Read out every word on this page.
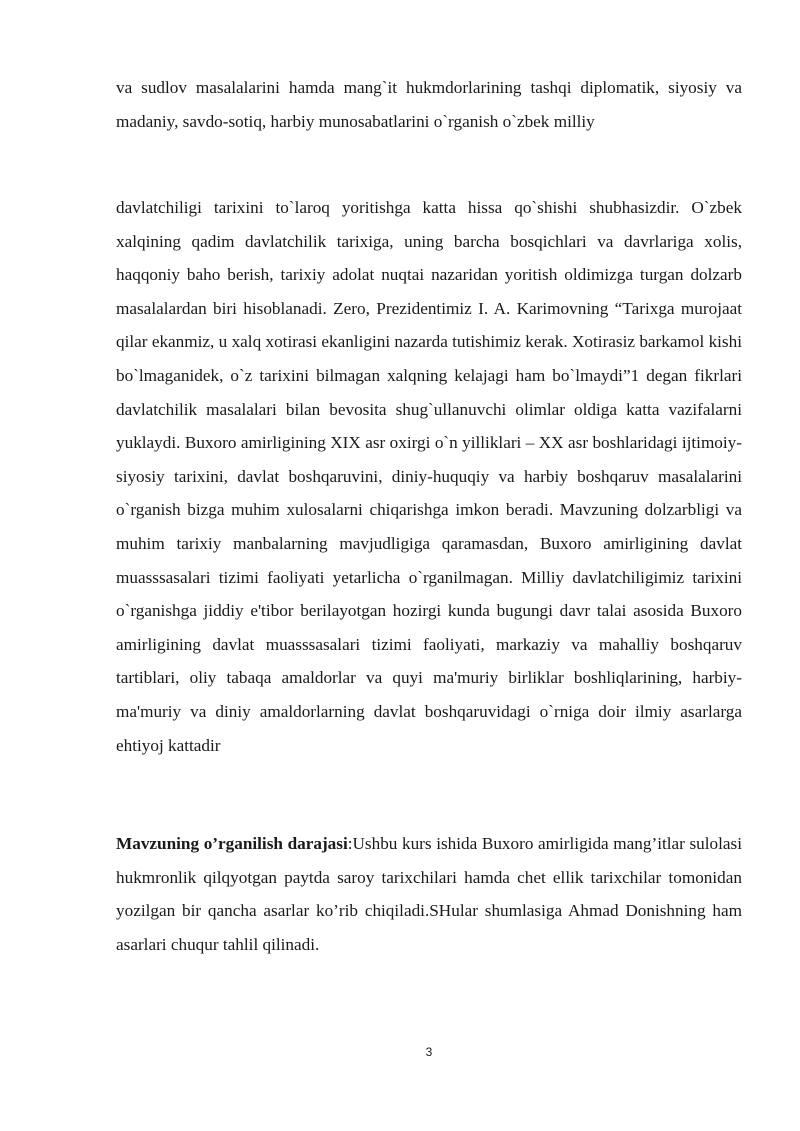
va sudlov masalalarini hamda mang`it hukmdorlarining tashqi diplomatik, siyosiy va madaniy, savdo-sotiq, harbiy munosabatlarini o`rganish o`zbek milliy

davlatchiligi tarixini to`laroq yoritishga katta hissa qo`shishi shubhasizdir. O`zbek xalqining qadim davlatchilik tarixiga, uning barcha bosqichlari va davrlariga xolis, haqqoniy baho berish, tarixiy adolat nuqtai nazaridan yoritish oldimizga turgan dolzarb masalalardan biri hisoblanadi. Zero, Prezidentimiz I. A. Karimovning “Tarixga murojaat qilar ekanmiz, u xalq xotirasi ekanligini nazarda tutishimiz kerak. Xotirasiz barkamol kishi bo`lmaganidek, o`z tarixini bilmagan xalqning kelajagi ham bo`lmaydi”1 degan fikrlari davlatchilik masalalari bilan bevosita shug`ullanuvchi olimlar oldiga katta vazifalarni yuklaydi. Buxoro amirligining XIX asr oxirgi o`n yilliklari – XX asr boshlaridagi ijtimoiy-siyosiy tarixini, davlat boshqaruvini, diniy-huquqiy va harbiy boshqaruv masalalarini o`rganish bizga muhim xulosalarni chiqarishga imkon beradi. Mavzuning dolzarbligi va muhim tarixiy manbalarning mavjudligiga qaramasdan, Buxoro amirligining davlat muasssasalari tizimi faoliyati yetarlicha o`rganilmagan. Milliy davlatchiligimiz tarixini o`rganishga jiddiy e'tibor berilayotgan hozirgi kunda bugungi davr talai asosida Buxoro amirligining davlat muasssasalari tizimi faoliyati, markaziy va mahalliy boshqaruv tartiblari, oliy tabaqa amaldorlar va quyi ma'muriy birliklar boshliqlarining, harbiy-ma'muriy va diniy amaldorlarning davlat boshqaruvidagi o`rniga doir ilmiy asarlarga ehtiyoj kattadir

Mavzuning o’rganilish darajasi:Ushbu kurs ishida Buxoro amirligida mang’itlar sulolasi hukmronlik qilqyotgan paytda saroy tarixchilari hamda chet ellik tarixchilar tomonidan yozilgan bir qancha asarlar ko’rib chiqiladi.SHular shumlasiga Ahmad Donishning ham asarlari chuqur tahlil qilinadi.

3
